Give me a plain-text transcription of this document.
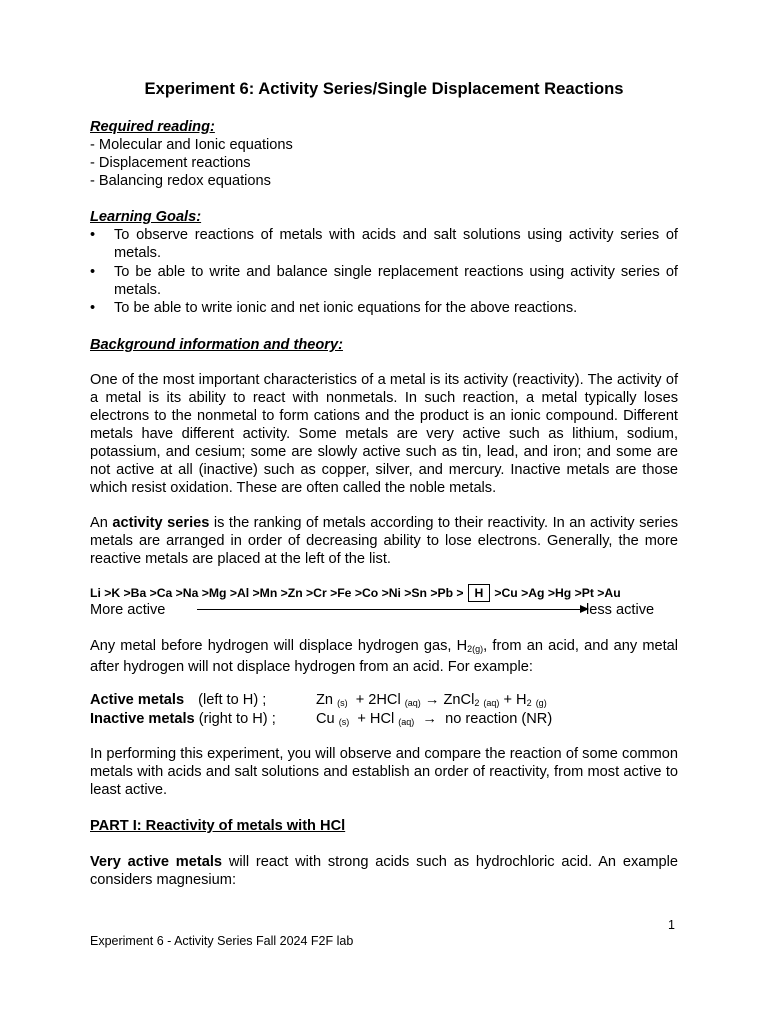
Experiment 6: Activity Series/Single Displacement Reactions
Required reading:
- Molecular and Ionic equations
- Displacement reactions
- Balancing redox equations
Learning Goals:
• To observe reactions of metals with acids and salt solutions using activity series of metals.
• To be able to write and balance single replacement reactions using activity series of metals.
• To be able to write ionic and net ionic equations for the above reactions.
Background information and theory:

One of the most important characteristics of a metal is its activity (reactivity). The activity of a metal is its ability to react with nonmetals. In such reaction, a metal typically loses electrons to the nonmetal to form cations and the product is an ionic compound. Different metals have different activity. Some metals are very active such as lithium, sodium, potassium, and cesium; some are slowly active such as tin, lead, and iron; and some are not active at all (inactive) such as copper, silver, and mercury. Inactive metals are those which resist oxidation. These are often called the noble metals.

An activity series is the ranking of metals according to their reactivity. In an activity series metals are arranged in order of decreasing ability to lose electrons. Generally, the more reactive metals are placed at the left of the list.

Li >K >Ba >Ca >Na >Mg >Al >Mn >Zn >Cr >Fe >Co >Ni >Sn >Pb > H >Cu >Ag >Hg >Pt >Au
More active	less active

Any metal before hydrogen will displace hydrogen gas, $H_{2(g)}$, from an acid, and any metal after hydrogen will not displace hydrogen from an acid. For example:

Active metals (left to H) ;	Zn $_{(s)}$ + 2HCl $_{(aq)}$ → ZnCl$_2$ $_{(aq)} + H_2$ $_{(g)}$
Inactive metals (right to H) ;	Cu $_{(s)}$ + HCl $_{(aq)}$ → no reaction (NR)

In performing this experiment, you will observe and compare the reaction of some common metals with acids and salt solutions and establish an order of reactivity, from most active to least active.

PART I: Reactivity of metals with HCl

Very active metals will react with strong acids such as hydrochloric acid. An example considers magnesium:

1
Experiment 6 - Activity Series Fall 2024 F2F lab
